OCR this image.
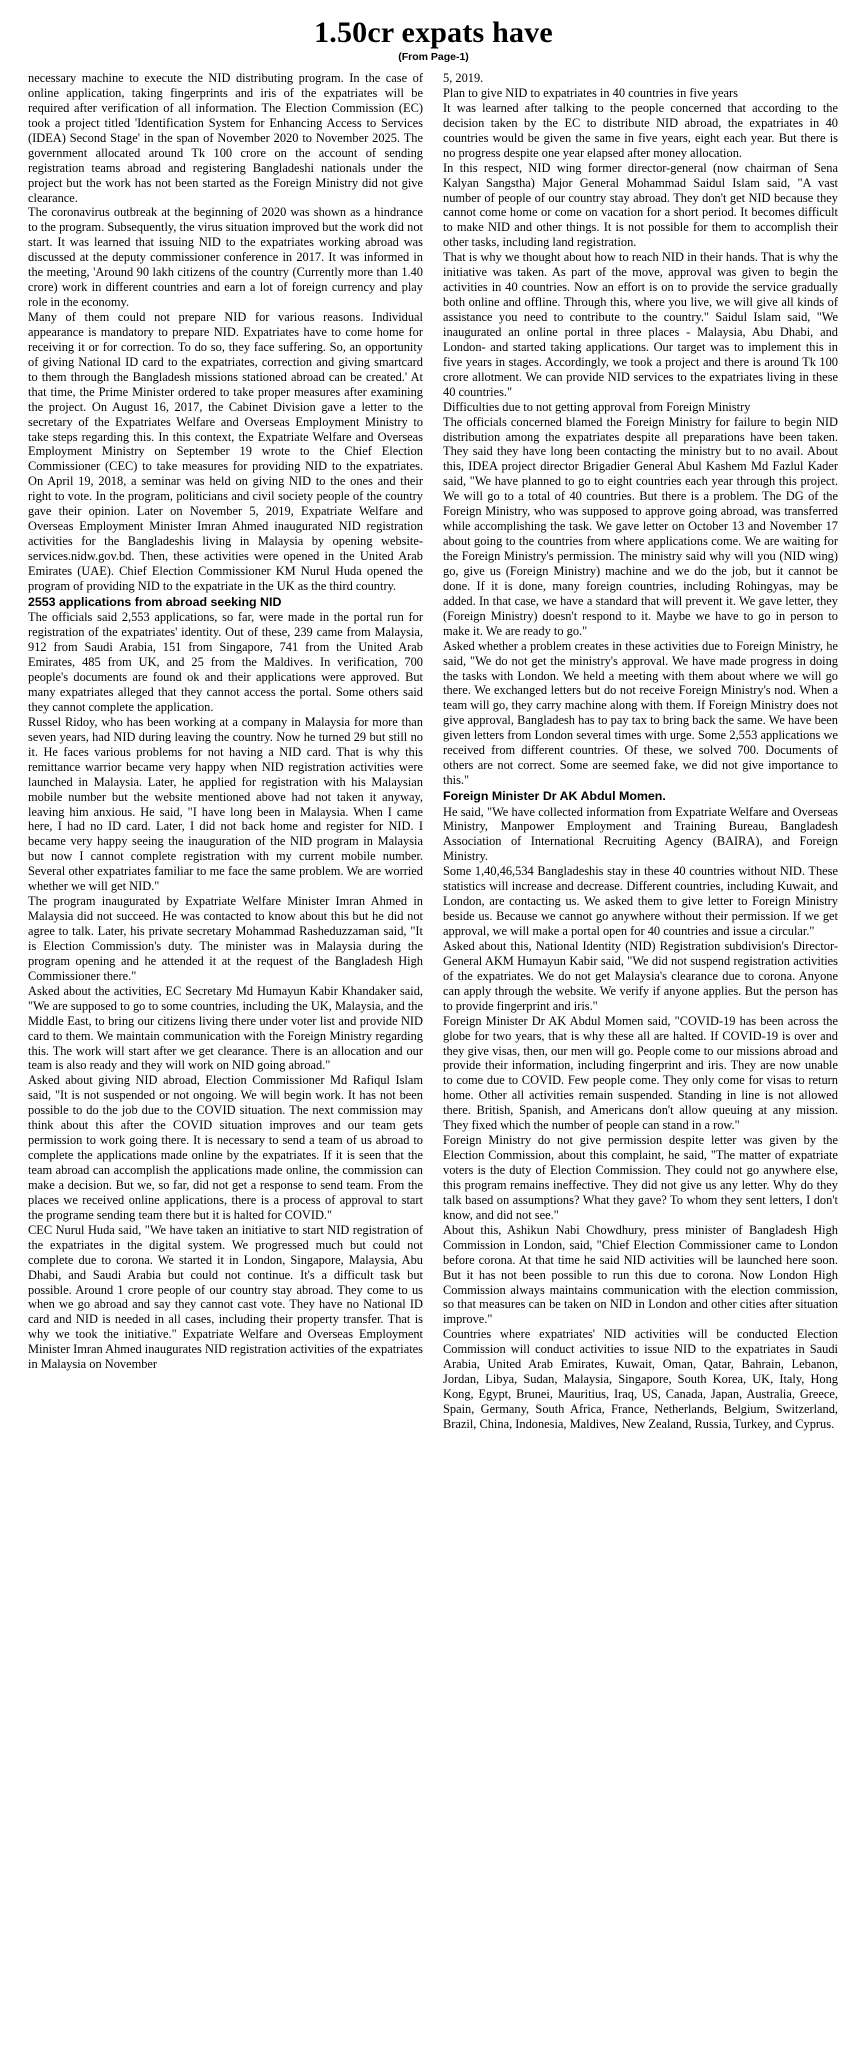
1.50cr expats have
(From Page-1)

necessary machine to execute the NID distributing program. In the case of online application, taking fingerprints and iris of the expatriates will be required after verification of all information. The Election Commission (EC) took a project titled 'Identification System for Enhancing Access to Services (IDEA) Second Stage' in the span of November 2020 to November 2025. The government allocated around Tk 100 crore on the account of sending registration teams abroad and registering Bangladeshi nationals under the project but the work has not been started as the Foreign Ministry did not give clearance.

The coronavirus outbreak at the beginning of 2020 was shown as a hindrance to the program. Subsequently, the virus situation improved but the work did not start. It was learned that issuing NID to the expatriates working abroad was discussed at the deputy commissioner conference in 2017. It was informed in the meeting, 'Around 90 lakh citizens of the country (Currently more than 1.40 crore) work in different countries and earn a lot of foreign currency and play role in the economy.

Many of them could not prepare NID for various reasons. Individual appearance is mandatory to prepare NID. Expatriates have to come home for receiving it or for correction. To do so, they face suffering. So, an opportunity of giving National ID card to the expatriates, correction and giving smartcard to them through the Bangladesh missions stationed abroad can be created.' At that time, the Prime Minister ordered to take proper measures after examining the project. On August 16, 2017, the Cabinet Division gave a letter to the secretary of the Expatriates Welfare and Overseas Employment Ministry to take steps regarding this. In this context, the Expatriate Welfare and Overseas Employment Ministry on September 19 wrote to the Chief Election Commissioner (CEC) to take measures for providing NID to the expatriates. On April 19, 2018, a seminar was held on giving NID to the ones and their right to vote. In the program, politicians and civil society people of the country gave their opinion. Later on November 5, 2019, Expatriate Welfare and Overseas Employment Minister Imran Ahmed inaugurated NID registration activities for the Bangladeshis living in Malaysia by opening website- services.nidw.gov.bd. Then, these activities were opened in the United Arab Emirates (UAE). Chief Election Commissioner KM Nurul Huda opened the program of providing NID to the expatriate in the UK as the third country.

2553 applications from abroad seeking NID

The officials said 2,553 applications, so far, were made in the portal run for registration of the expatriates' identity. Out of these, 239 came from Malaysia, 912 from Saudi Arabia, 151 from Singapore, 741 from the United Arab Emirates, 485 from UK, and 25 from the Maldives. In verification, 700 people's documents are found ok and their applications were approved. But many expatriates alleged that they cannot access the portal. Some others said they cannot complete the application.

Russel Ridoy, who has been working at a company in Malaysia for more than seven years, had NID during leaving the country. Now he turned 29 but still no it. He faces various problems for not having a NID card. That is why this remittance warrior became very happy when NID registration activities were launched in Malaysia. Later, he applied for registration with his Malaysian mobile number but the website mentioned above had not taken it anyway, leaving him anxious. He said, "I have long been in Malaysia. When I came here, I had no ID card. Later, I did not back home and register for NID. I became very happy seeing the inauguration of the NID program in Malaysia but now I cannot complete registration with my current mobile number. Several other expatriates familiar to me face the same problem. We are worried whether we will get NID."

The program inaugurated by Expatriate Welfare Minister Imran Ahmed in Malaysia did not succeed. He was contacted to know about this but he did not agree to talk. Later, his private secretary Mohammad Rasheduzzaman said, "It is Election Commission's duty. The minister was in Malaysia during the program opening and he attended it at the request of the Bangladesh High Commissioner there."

Asked about the activities, EC Secretary Md Humayun Kabir Khandaker said, "We are supposed to go to some countries, including the UK, Malaysia, and the Middle East, to bring our citizens living there under voter list and provide NID card to them. We maintain communication with the Foreign Ministry regarding this. The work will start after we get clearance. There is an allocation and our team is also ready and they will work on NID going abroad."

Asked about giving NID abroad, Election Commissioner Md Rafiqul Islam said, "It is not suspended or not ongoing. We will begin work. It has not been possible to do the job due to the COVID situation. The next commission may think about this after the COVID situation improves and our team gets permission to work going there. It is necessary to send a team of us abroad to complete the applications made online by the expatriates. If it is seen that the team abroad can accomplish the applications made online, the commission can make a decision. But we, so far, did not get a response to send team. From the places we received online applications, there is a process of approval to start the programe sending team there but it is halted for COVID."

CEC Nurul Huda said, "We have taken an initiative to start NID registration of the expatriates in the digital system. We progressed much but could not complete due to corona. We started it in London, Singapore, Malaysia, Abu Dhabi, and Saudi Arabia but could not continue. It's a difficult task but possible. Around 1 crore people of our country stay abroad. They come to us when we go abroad and say they cannot cast vote. They have no National ID card and NID is needed in all cases, including their property transfer. That is why we took the initiative." Expatriate Welfare and Overseas Employment Minister Imran Ahmed inaugurates NID registration activities of the expatriates in Malaysia on November

5, 2019.

Plan to give NID to expatriates in 40 countries in five years

It was learned after talking to the people concerned that according to the decision taken by the EC to distribute NID abroad, the expatriates in 40 countries would be given the same in five years, eight each year. But there is no progress despite one year elapsed after money allocation.

In this respect, NID wing former director-general (now chairman of Sena Kalyan Sangstha) Major General Mohammad Saidul Islam said, "A vast number of people of our country stay abroad. They don't get NID because they cannot come home or come on vacation for a short period. It becomes difficult to make NID and other things. It is not possible for them to accomplish their other tasks, including land registration.

That is why we thought about how to reach NID in their hands. That is why the initiative was taken. As part of the move, approval was given to begin the activities in 40 countries. Now an effort is on to provide the service gradually both online and offline. Through this, where you live, we will give all kinds of assistance you need to contribute to the country." Saidul Islam said, "We inaugurated an online portal in three places - Malaysia, Abu Dhabi, and London- and started taking applications. Our target was to implement this in five years in stages. Accordingly, we took a project and there is around Tk 100 crore allotment. We can provide NID services to the expatriates living in these 40 countries."

Difficulties due to not getting approval from Foreign Ministry

The officials concerned blamed the Foreign Ministry for failure to begin NID distribution among the expatriates despite all preparations have been taken. They said they have long been contacting the ministry but to no avail. About this, IDEA project director Brigadier General Abul Kashem Md Fazlul Kader said, "We have planned to go to eight countries each year through this project. We will go to a total of 40 countries. But there is a problem. The DG of the Foreign Ministry, who was supposed to approve going abroad, was transferred while accomplishing the task. We gave letter on October 13 and November 17 about going to the countries from where applications come. We are waiting for the Foreign Ministry's permission. The ministry said why will you (NID wing) go, give us (Foreign Ministry) machine and we do the job, but it cannot be done. If it is done, many foreign countries, including Rohingyas, may be added. In that case, we have a standard that will prevent it. We gave letter, they (Foreign Ministry) doesn't respond to it. Maybe we have to go in person to make it. We are ready to go."

Asked whether a problem creates in these activities due to Foreign Ministry, he said, "We do not get the ministry's approval. We have made progress in doing the tasks with London. We held a meeting with them about where we will go there. We exchanged letters but do not receive Foreign Ministry's nod. When a team will go, they carry machine along with them. If Foreign Ministry does not give approval, Bangladesh has to pay tax to bring back the same. We have been given letters from London several times with urge. Some 2,553 applications we received from different countries. Of these, we solved 700. Documents of others are not correct. Some are seemed fake, we did not give importance to this."

Foreign Minister Dr AK Abdul Momen.

He said, "We have collected information from Expatriate Welfare and Overseas Ministry, Manpower Employment and Training Bureau, Bangladesh Association of International Recruiting Agency (BAIRA), and Foreign Ministry.

Some 1,40,46,534 Bangladeshis stay in these 40 countries without NID. These statistics will increase and decrease. Different countries, including Kuwait, and London, are contacting us. We asked them to give letter to Foreign Ministry beside us. Because we cannot go anywhere without their permission. If we get approval, we will make a portal open for 40 countries and issue a circular."

Asked about this, National Identity (NID) Registration subdivision's Director-General AKM Humayun Kabir said, "We did not suspend registration activities of the expatriates. We do not get Malaysia's clearance due to corona. Anyone can apply through the website. We verify if anyone applies. But the person has to provide fingerprint and iris."

Foreign Minister Dr AK Abdul Momen said, "COVID-19 has been across the globe for two years, that is why these all are halted. If COVID-19 is over and they give visas, then, our men will go. People come to our missions abroad and provide their information, including fingerprint and iris. They are now unable to come due to COVID. Few people come. They only come for visas to return home. Other all activities remain suspended. Standing in line is not allowed there. British, Spanish, and Americans don't allow queuing at any mission. They fixed which the number of people can stand in a row."

Foreign Ministry do not give permission despite letter was given by the Election Commission, about this complaint, he said, "The matter of expatriate voters is the duty of Election Commission. They could not go anywhere else, this program remains ineffective. They did not give us any letter. Why do they talk based on assumptions? What they gave? To whom they sent letters, I don't know, and did not see."

About this, Ashikun Nabi Chowdhury, press minister of Bangladesh High Commission in London, said, "Chief Election Commissioner came to London before corona. At that time he said NID activities will be launched here soon. But it has not been possible to run this due to corona. Now London High Commission always maintains communication with the election commission, so that measures can be taken on NID in London and other cities after situation improve."

Countries where expatriates' NID activities will be conducted Election Commission will conduct activities to issue NID to the expatriates in Saudi Arabia, United Arab Emirates, Kuwait, Oman, Qatar, Bahrain, Lebanon, Jordan, Libya, Sudan, Malaysia, Singapore, South Korea, UK, Italy, Hong Kong, Egypt, Brunei, Mauritius, Iraq, US, Canada, Japan, Australia, Greece, Spain, Germany, South Africa, France, Netherlands, Belgium, Switzerland, Brazil, China, Indonesia, Maldives, New Zealand, Russia, Turkey, and Cyprus.
